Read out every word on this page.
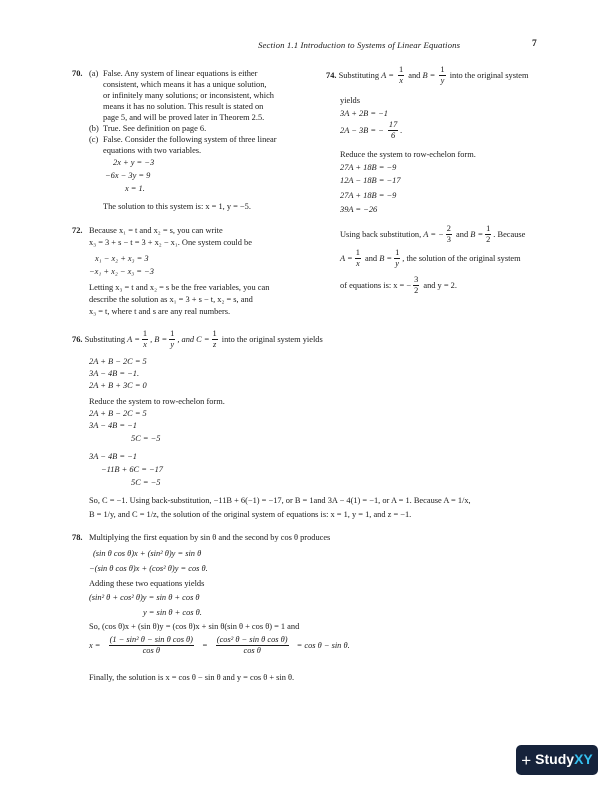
Section 1.1 Introduction to Systems of Linear Equations	7
70. (a) False. Any system of linear equations is either
consistent, which means it has a unique solution,
or infinitely many solutions; or inconsistent, which
means it has no solution. This result is stated on
page 5, and will be proved later in Theorem 2.5.
(b) True. See definition on page 6.
(c) False. Consider the following system of three linear
equations with two variables.
2x + y = −3
−6x − 3y = 9
x = 1.
The solution to this system is: x = 1, y = −5.
72. Because x₁ = t and x₂ = s, you can write
x₃ = 3 + s − t = 3 + x₂ − x₁. One system could be
x₁ − x₂ + x₃ = 3
−x₁ + x₂ − x₃ = −3
Letting x₃ = t and x₂ = s be the free variables, you can
describe the solution as x₁ = 3 + s − t, x₂ = s, and
x₃ = t, where t and s are any real numbers.
74. Substituting $A = \frac{1}{x}$ and $B = \frac{1}{y}$ into the original system
yields
3A + 2B = −1
2A − 3B = − $\frac{17}{6}$ .
Reduce the system to row-echelon form.
27A + 18B = −9
12A − 18B = −17
27A + 18B = −9
39A = −26
Using back substitution, A = − $\frac{2}{3}$ and $B = \frac{1}{2}$ . Because
$A = \frac{1}{x}$ and $B = \frac{1}{y}$ , the solution of the original system
of equations is: x = − $\frac{3}{2}$ and y = 2.
76. Substituting $A = \frac{1}{x}$ , $B = \frac{1}{y}$ , and $C = \frac{1}{z}$ into the original system yields
2A + B − 2C = 5
3A − 4B = −1.
2A + B + 3C = 0
Reduce the system to row-echelon form.
2A + B − 2C = 5
3A − 4B = −1
5C = −5
3A − 4B = −1
−11B + 6C = −17
5C = −5
So, C = −1. Using back-substitution, −11B + 6(−1) = −17, or B = 1and 3A − 4(1) = −1, or A = 1. Because A = 1/x,
B = 1/y, and C = 1/z, the solution of the original system of equations is: x = 1, y = 1, and z = −1.
78. Multiplying the first equation by sin θ and the second by cos θ produces
(sin θ cos θ)x + (sin² θ)y = sin θ
−(sin θ cos θ)x + (cos² θ)y = cos θ.
Adding these two equations yields
(sin² θ + cos² θ)y = sin θ + cos θ
y = sin θ + cos θ.
So, (cos θ)x + (sin θ)y = (cos θ)x + sin θ(sin θ + cos θ) = 1 and
$x = \frac{\text{(1 − sin² θ − sin θ cos θ)}}{\text{cos θ}} = \frac{\text{(cos² θ − sin θ cos θ)}}{\text{cos θ}} = \cos \theta - \sin \theta$.
Finally, the solution is x = cos θ − sin θ and y = cos θ + sin θ.
+ StudyXY
